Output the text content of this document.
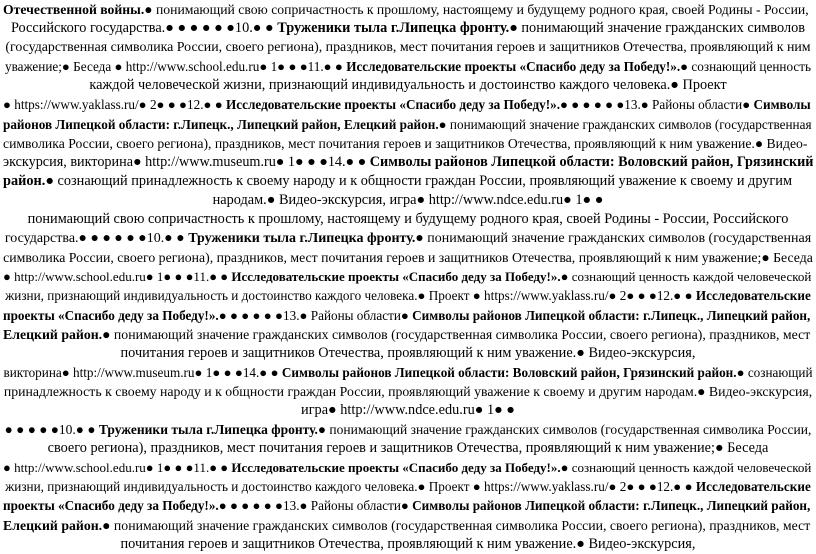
Отечественной войны.● понимающий свою сопричастность к прошлому, настоящему и будущему родного края, своей Родины - России,
Российского государства.● ● ● ● ● ●10.● ● Труженики тыла г.Липецка фронту.● понимающий значение гражданских символов
(государственная символика России, своего региона), праздников, мест почитания героев и защитников Отечества, проявляющий к ним
уважение;● Беседа ● http://www.school.edu.ru● 1● ● ●11.● ● Исследовательские проекты «Спасибо деду за Победу!».● сознающий ценность
каждой человеческой жизни, признающий индивидуальность и достоинство каждого человека.● Проект
● https://www.yaklass.ru/● 2● ● ●12.● ● Исследовательские проекты «Спасибо деду за Победу!».● ● ● ● ● ●13.● Районы области● Символы
районов Липецкой области: г.Липецк., Липецкий район, Елецкий район.● понимающий значение гражданских символов (государственная
символика России, своего региона), праздников, мест почитания героев и защитников Отечества, проявляющий к ним уважение.● Видео-
экскурсия, викторина● http://www.museum.ru● 1● ● ●14.● ● Символы районов Липецкой области: Воловский район, Грязинский
район.● сознающий принадлежность к своему народу и к общности граждан России, проявляющий уважение к своему и другим
народам.● Видео-экскурсия, игра● http://www.ndce.edu.ru● 1● ●
понимающий свою сопричастность к прошлому, настоящему и будущему родного края, своей Родины - России, Российского
государства.● ● ● ● ● ●10.● ● Труженики тыла г.Липецка фронту.● понимающий значение гражданских символов (государственная
символика России, своего региона), праздников, мест почитания героев и защитников Отечества, проявляющий к ним уважение;● Беседа
● http://www.school.edu.ru● 1● ● ●11.● ● Исследовательские проекты «Спасибо деду за Победу!».● сознающий ценность каждой человеческой
жизни, признающий индивидуальность и достоинство каждого человека.● Проект ● https://www.yaklass.ru/● 2● ● ●12.● ● Исследовательские
проекты «Спасибо деду за Победу!».● ● ● ● ● ●13.● Районы области● Символы районов Липецкой области: г.Липецк., Липецкий район,
Елецкий район.● понимающий значение гражданских символов (государственная символика России, своего региона), праздников, мест
почитания героев и защитников Отечества, проявляющий к ним уважение.● Видео-экскурсия,
викторина● http://www.museum.ru● 1● ● ●14.● ● Символы районов Липецкой области: Воловский район, Грязинский район.● сознающий
принадлежность к своему народу и к общности граждан России, проявляющий уважение к своему и другим народам.● Видео-экскурсия,
игра● http://www.ndce.edu.ru● 1● ●
● ● ● ● ●10.● ● Труженики тыла г.Липецка фронту.● понимающий значение гражданских символов (государственная символика России,
своего региона), праздников, мест почитания героев и защитников Отечества, проявляющий к ним уважение;● Беседа
● http://www.school.edu.ru● 1● ● ●11.● ● Исследовательские проекты «Спасибо деду за Победу!».● сознающий ценность каждой человеческой
жизни, признающий индивидуальность и достоинство каждого человека.● Проект ● https://www.yaklass.ru/● 2● ● ●12.● ● Исследовательские
проекты «Спасибо деду за Победу!».● ● ● ● ● ●13.● Районы области● Символы районов Липецкой области: г.Липецк., Липецкий район,
Елецкий район.● понимающий значение гражданских символов (государственная символика России, своего региона), праздников, мест
почитания героев и защитников Отечества, проявляющий к ним уважение.● Видео-экскурсия,
